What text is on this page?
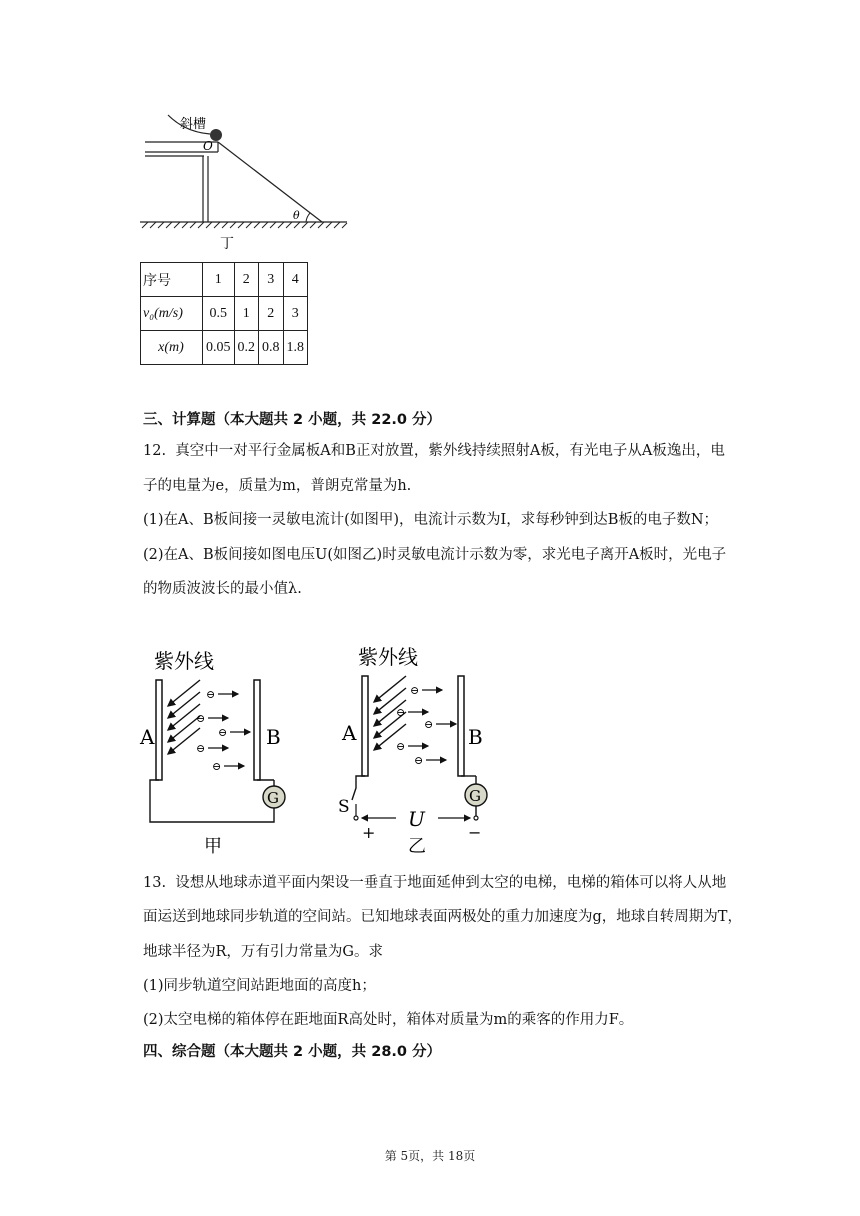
斜槽
O
θ
丁
序号	1	2	3	4
v₀(m/s)	0.5	1	2	3
x(m)	0.05	0.2	0.8	1.8
三、计算题（本大题共 2 小题，共 22.0 分）
12. 真空中一对平行金属板A和B正对放置，紫外线持续照射A板，有光电子从A板逸出，电
子的电量为e，质量为m，普朗克常量为h.
(1)在A、B板间接一灵敏电流计(如图甲)，电流计示数为I，求每秒钟到达B板的电子数N；
(2)在A、B板间接如图电压U(如图乙)时灵敏电流计示数为零，求光电子离开A板时，光电子
的物质波波长的最小值λ.
紫外线
⊖
⊖
⊖
⊖
⊖
A	B
G
甲
紫外线
⊖
⊖
⊖
⊖
⊖
A	B
S
+
G
−
U
乙
13. 设想从地球赤道平面内架设一垂直于地面延伸到太空的电梯，电梯的箱体可以将人从地
面运送到地球同步轨道的空间站。已知地球表面两极处的重力加速度为g，地球自转周期为T，
地球半径为R，万有引力常量为G。求
(1)同步轨道空间站距地面的高度h；
(2)太空电梯的箱体停在距地面R高处时，箱体对质量为m的乘客的作用力F。
四、综合题（本大题共 2 小题，共 28.0 分）
第 5页，共 18页
